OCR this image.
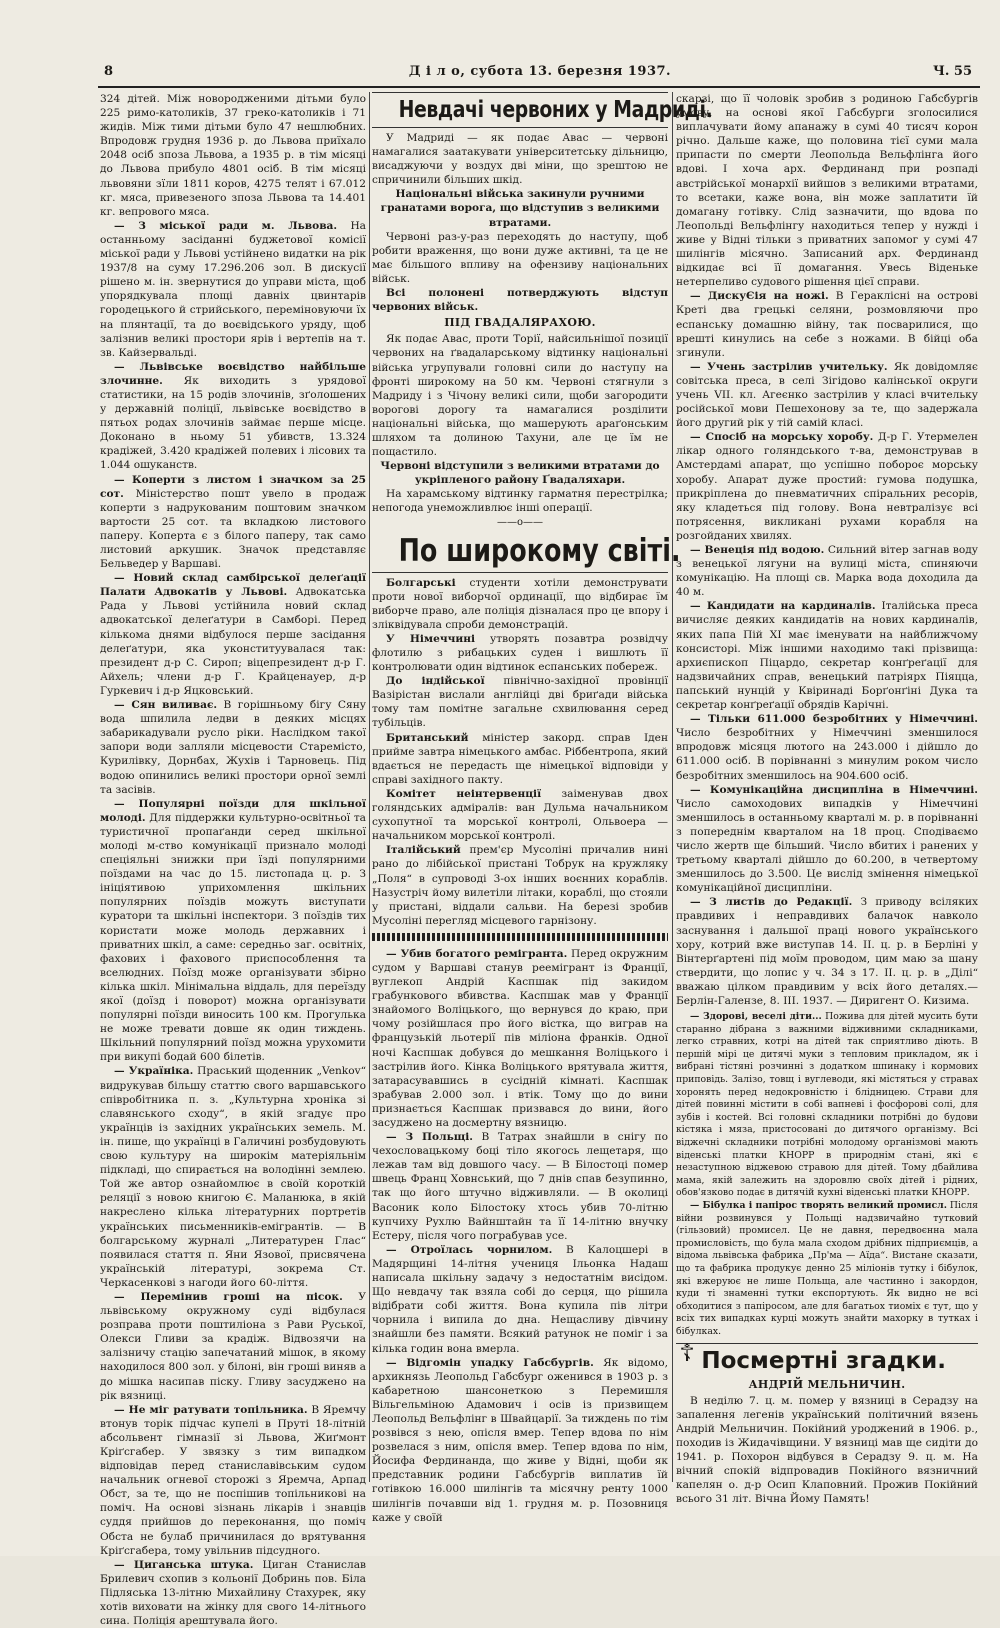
8	Д і л о, субота 13. березня 1937.	Ч. 55

324 дітей. Між новородженими дітьми було 225 римо-католиків, 37 греко-католиків і 71 жидів. Між тими дітьми було 47 нешлюбних. Впродовж грудня 1936 р. до Львова приїхало 2048 осіб зпоза Львова, а 1935 р. в тім місяці до Львова прибуло 4801 осіб. В тім місяці львовяни зїли 1811 коров, 4275 телят і 67.012 кг. мяса, привезеного зпоза Львова та 14.401 кг. вепрового мяса.

— З міської ради м. Львова. На останньому засіданні буджетової комісії міської ради у Львові устійнено видатки на рік 1937/8 на суму 17.296.206 зол. В дискусії рішено м. ін. звернутися до управи міста, щоб упорядкувала площі давніх цвинтарів городецького й стрийського, переміновуючи їх на плянтації, та до воєвідського уряду, щоб залізнив великі простори ярів і вертепів на т. зв. Кайзервальді.

— Львівське воєвідство найбільше злочинне. Як виходить з урядової статистики, на 15 родів злочинів, зґолошених у державній поліції, львівське воєвідство в пятьох родах злочинів займає перше місце. Доконано в ньому 51 убивств, 13.324 крадіжей, 3.420 крадіжей полевих і лісових та 1.044 ошуканств.

— Коперти з листом і значком за 25 сот. Міністерство пошт увело в продаж коперти з надрукованим поштовим значком вартости 25 сот. та вкладкою листового паперу. Коперта є з білого паперу, так само листовий аркушик. Значок представляє Бельведер у Варшаві.

— Новий склад самбірської делеґації Палати Адвокатів у Львові. Адвокатська Рада у Львові устійнила новий склад адвокатської делеґатури в Самборі. Перед кількома днями відбулося перше засідання делеґатури, яка уконституувалася так: президент д-р С. Сироп; віцепрезидент д-р Г. Айхель; члени д-р Г. Крайценауер, д-р Гуркевич і д-р Яцковський.

— Сян виливає. В горішньому бігу Сяну вода шпилила ледви в деяких місцях забарикадували русло ріки. Наслідком такої запори води залляли місцевости Старемісто, Курилівку, Дорнбах, Жухів і Тарновець. Під водою опинились великі простори орної землі та засівів.

— Популярні поїзди для шкільної молоді. Для піддержки культурно-освітньої та туристичної пропаґанди серед шкільної молоді м-ство комунікації признало молоді спеціяльні знижки при їзді популярними поїздами на час до 15. листопада ц. р. З ініціятивою уприхомлення шкільних популярних поїздів можуть виступати куратори та шкільні інспектори. З поїздів тих користати може молодь державних і приватних шкіл, а саме: середньо заг. освітніх, фахових і фахового приспособлення та вселюдних. Поїзд може організувати збірно кілька шкіл. Мінімальна віддаль, для переїзду якої (доїзд і поворот) можна організувати популярні поїзди виносить 100 км. Прогулька не може тревати довше як один тиждень. Шкільний популярний поїзд можна урухомити при викупі бодай 600 білетів.

— Україніка. Праський щоденник „Venkov“ видрукував більшу статтю свого варшавського співробітника п. з. „Культурна хроніка зі славянського сходу“, в якій згадує про українців із західних українських земель. М. ін. пише, що українці в Галичині розбудовують свою культуру на широкім матеріяльнім підкладі, що спирається на володінні землею. Той же автор ознайомлює в своїй короткій реляції з новою книгою Є. Маланюка, в якій накреслено кілька літературних портретів українських письменників-емігрантів. — В болгарському журналі „Литературен Глас“ появилася стаття п. Яни Язової, присвячена українській літературі, зокрема Ст. Черкасенкові з нагоди його 60-ліття.

— Перемінив гроші на пісок. У львівському окружному суді відбулася розправа проти поштиліона з Рави Руської, Олекси Гливи за крадіж. Відвозячи на залізничу стацію запечатаний мішок, в якому находилося 800 зол. у білоні, він гроші виняв а до мішка насипав піску. Гливу засуджено на рік вязниці.

— Не міг ратувати топільника. В Яремчу втонув торік підчас купелі в Пруті 18-літній абсольвент гімназії зі Львова, Жиґмонт Кріґсгабер. У звязку з тим випадком відповідав перед станиславівським судом начальник огневої сторожі з Яремча, Арпад Обст, за те, що не поспішив топільникові на поміч. На основі зізнань лікарів і знавців суддя прийшов до переконання, що поміч Обста не булаб причинилася до врятування Кріґсгабера, тому увільнив підсудного.

— Циганська штука. Циган Станислав Брилевич схопив з кольонії Добринь пов. Біла Підляська 13-літню Михайлину Стахурек, яку хотів виховати на жінку для свого 14-літнього сина. Поліція арештувала його.

Невдачі червоних у Мадриді.

У Мадриді — як подає Авас — червоні намагалися заатакувати університетську дільницю, висаджуючи у воздух дві міни, що зрештою не спричинили більших шкід.

Національні війська закинули ручними гранатами ворога, що відступив з великими втратами.

Червоні раз-у-раз переходять до наступу, щоб робити враження, що вони дуже активні, та це не має більшого впливу на офензиву національних військ.

Всі полонені потверджують відступ червоних військ.

ПІД ГВАДАЛЯРАХОЮ.

Як подає Авас, проти Торії, найсильнішої позиції червоних на ґвадаларському відтинку національні війська угрупували головні сили до наступу на фронті широкому на 50 км. Червоні стягнули з Мадриду і з Чічону великі сили, щоби загородити ворогові дорогу та намагалися розділити національні війська, що машерують араґонським шляхом та долиною Тахуни, але це їм не пощастило.

Червоні відступили з великими втратами до укріпленого району Ґвадаляхари.

На харамському відтинку гарматня перестрілка; непогода унеможливлює інші операції.

——o——
По широкому світі.

Болгарські студенти хотіли демонструвати проти нової виборчої ординації, що відбирає їм виборче право, але поліція дізналася про це впору і зліквідувала спроби демонстрацій.

У Німеччині утворять позавтра розвідчу флотилю з рибацьких суден і вишлють її контролювати один відтинок еспанських побереж.

До індійської північно-західної провінції Вазірістан вислали англійці дві бриґади війська тому там помітне загальне схвилювання серед тубільців.

Британський міністер закорд. справ Іден прийме завтра німецького амбас. Ріббентропа, який вдається не передасть ще німецької відповіди у справі західного пакту.

Комітет неінтервенції заіменував двох голяндських адміралів: ван Дульма начальником сухопутної та морської контролі, Ольвоера — начальником морської контролі.

Італійський прем'єр Мусоліні причалив нині рано до лібійської пристані Тобрук на кружляку „Поля“ в супроводі 3-ох інших воєнних кораблів. Назустріч йому вилетіли літаки, кораблі, що стояли у пристані, віддали сальви. На березі зробив Мусоліні перегляд місцевого гарнізону.

— Убив богатого ремігранта. Перед окружним судом у Варшаві станув реемігрант із Франції, вуглекоп Андрій Каспшак під закидом грабункового вбивства. Каспшак мав у Франції знайомого Воліцького, що вернувся до краю, при чому розійшлася про його вістка, що виграв на французькій льотерії пів міліона франків. Одної ночі Каспшак добувся до мешкання Воліцького і застрілив його. Кінка Воліцького врятувала життя, затарасувавшись в сусідній кімнаті. Каспшак зрабував 2.000 зол. і втік. Тому що до вини признається Каспшак призвався до вини, його засуджено на досмертну вязницю.

— З Польщі. В Татрах знайшли в снігу по чехословацькому боці тіло якогось лещетаря, що лежав там від довшого часу. — В Білостоці помер швець Франц Ховнський, що 7 днів спав безупинно, так що його штучно відживляли. — В околиці Васоник коло Білостоку хтось убив 70-літню купчиху Рухлю Вайнштайн та її 14-літню внучку Естеру, після чого пограбував усе.

— Отроїлась чорнилом. В Калоцшері в Мадярщині 14-літня учениця Ільонка Надаш написала шкільну задачу з недостатнім висідом. Що невдачу так взяла собі до серця, що рішила відібрати собі життя. Вона купила пів літри чорнила і випила до дна. Нещасливу дівчину знайшли без памяти. Всякий ратунок не поміг і за кілька годин вона вмерла.

— Відгомін упадку Габсбургів. Як відомо, архикнязь Леопольд Габсбург оженився в 1903 р. з кабаретною шансонеткою з Перемишля Вільгельміною Адамович і осів із призвищем Леопольд Вельфлінг в Швайцарії. За тиждень по тім розвівся з нею, опісля вмер. Тепер вдова по нім розвелася з ним, опісля вмер. Тепер вдова по нім, Йосифа Фердинанда, що живе у Відні, щоби як представник родини Габсбургів виплатив їй готівкою 16.000 шилінгів та місячну ренту 1000 шилінгів почавши від 1. грудня м. р. Позовниця каже у своїй

скарзі, що її чоловік зробив з родиною Габсбургів умову, на основі якої Габсбурги зголосилися виплачувати йому апанажу в сумі 40 тисяч корон річно. Дальше каже, що половина тієї суми мала припасти по смерти Леопольда Вельфлінга його вдові. І хоча арх. Фердинанд при розпаді австрійської монархії вийшов з великими втратами, то всетаки, каже вона, він може заплатити їй домагану готівку. Слід зазначити, що вдова по Леопольді Вельфлінгу находиться тепер у нужді і живе у Відні тільки з приватних запомог у сумі 47 шилінгів місячно. Записаний арх. Фердинанд відкидає всі її домагання. Увесь Віденьке нетерпеливо судового рішення цієї справи.

— ДискуЄія на ножі. В Гераклісні на острові Креті два грецькі селяни, розмовляючи про еспанську домашню війну, так посварилися, що врешті кинулись на себе з ножами. В бійці оба згинули.

— Учень застрілив учительку. Як довідомляє совітська преса, в селі Зігідово калінської округи учень VII. кл. Агеєнко застрілив у класі вчительку російської мови Пешехонову за те, що задержала його другий рік у тій самій класі.

— Спосіб на морську хоробу. Д-р Г. Утермелен лікар одного голяндського т-ва, демонстрував в Амстердамі апарат, що успішно побороє морську хоробу. Апарат дуже простий: гумова подушка, прикріплена до пневматичних спіральних ресорів, яку кладеться під голову. Вона невтралізує всі потрясення, викликані рухами корабля на розгойданих хвилях.

— Венеція під водою. Сильний вітер загнав воду з венецької лягуни на вулиці міста, спиняючи комунікацію. На площі св. Марка вода доходила да 40 м.

— Кандидати на кардиналів. Італійська преса вичисляє деяких кандидатів на нових кардиналів, яких папа Пій XI має іменувати на найближчому консисторі. Між іншими находимо такі прізвища: архиєпископ Піцардо, секретар конґреґації для надзвичайних справ, венецький патріярх Піяцца, папський нунцій у Квіринаді Борґонґіні Дука та секретар конґреґації обрядів Карічні.

— Тільки 611.000 безробітних у Німеччині. Число безробітних у Німеччині зменшилося впродовж місяця лютого на 243.000 і дійшло до 611.000 осіб. В порівнанні з минулим роком число безробітних зменшилось на 904.600 осіб.

— Комунікаційна дисципліна в Німеччині. Число самоходових випадків у Німеччині зменшилось в останньому кварталі м. р. в порівнанні з попереднім кварталом на 18 проц. Сподіваємо число жертв ще більший. Число вбитих і ранених у третьому кварталі дійшло до 60.200, в четвертому зменшилось до 3.500. Це вислід змінення німецької комунікаційної дисципліни.

— З листів до Редакції. З приводу всіляких правдивих і неправдивих балачок навколо заснування і дальшої праці нового українського хору, котрий вже виступав 14. II. ц. р. в Берліні у Вінтерґартені під моїм проводом, цим маю за шану ствердити, що лопис у ч. 34 з 17. II. ц. р. в „Ділі“ вважаю цілком правдивим у всіх його деталях.— Берлін-Галензе, 8. III. 1937. — Диригент О. Кизима.

— Здорові, веселі діти... Пожива для дітей мусить бути старанно дібрана з важними відживними складниками, легко стравних, котрі на дітей так сприятливо діють. В першій мірі це дитячі муки з тепловим прикладом, як і вибрані тістяні розчинні з додатком шпинаку і кормових приповідь. Залізо, товщ і вуглеводи, які містяться у стравах хоронять перед недокровністю і блідницею. Страви для дітей повинні містити в собі вапневі і фосфорові солі, для зубів і костей. Всі головні складники потрібні до будови кістяка і мяза, пристосовані до дитячого організму. Всі віджечні складники потрібні молодому організмові мають віденські платки КНОРР в природнім стані, які є незаступною віджевою стравою для дітей. Тому дбайлива мама, якій залежить на здоровлю своїх дітей і рідних, обов'язково подає в дитячій кухні віденські платки КНОРР.

— Бібулка і папірос творять великий промисл. Після війни розвинувся у Польщі надзвичайно тутковий (гільзовий) промисел. Це не давня, передвоєнна мала промисловість, що була мала сходом дрібних підприємців, а відома львівська фабрика „Пр'ма — Аїда“. Вистане сказати, що та фабрика продукує денно 25 міліонів тутку і бібулок, які вжеруює не лише Польща, але частинно і закордон, куди ті знаменні тутки експортують. Як видно не всі обходитися з папіросом, але для багатьох тиоміх є тут, що у всіх тих випадках курці можуть знайти махорку в тутках і бібулках.

☦ Посмертні згадки.
АНДРІЙ МЕЛЬНИЧИН.

В неділю 7. ц. м. помер у вязниці в Серадзу на запалення легенів український політичний вязень Андрій Мельничин. Покійний уроджений в 1906. р., походив із Жидачівщини. У вязниці мав ще сидіти до 1941. р. Похорон відбувся в Серадзу 9. ц. м. На вічний спокій відпровадив Покійного вязничний капелян о. д-р Осип Клаповний. Прожив Покійний всього 31 літ. Вічна Йому Память!
